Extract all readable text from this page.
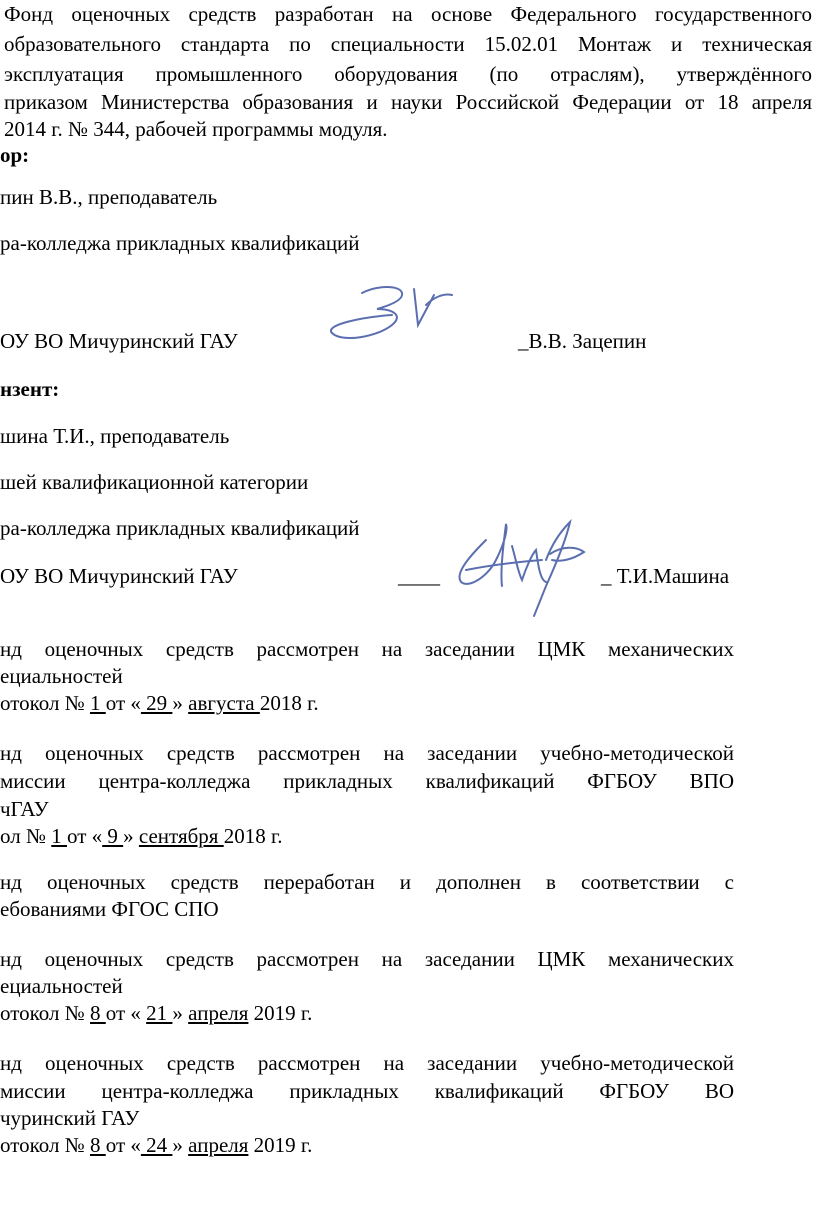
Фонд оценочных средств разработан на основе Федерального государственного
образовательного стандарта по специальности 15.02.01 Монтаж и техническая
эксплуатация промышленного оборудования (по отраслям), утверждённого
приказом Министерства образования и науки Российской Федерации от 18 апреля
2014 г. № 344, рабочей программы модуля.
ор:
пин В.В., преподаватель
ра-колледжа прикладных квалификаций
ОУ ВО Мичуринский ГАУ	_В.В. Зацепин
нзент:
шина Т.И., преподаватель
шей квалификационной категории
ра-колледжа прикладных квалификаций
ОУ ВО Мичуринский ГАУ	____	_ Т.И.Машина
нд оценочных средств рассмотрен на заседании ЦМК механических
ециальностей
отокол № 1 от « 29 » августа 2018 г.
нд оценочных средств рассмотрен на заседании учебно-методической
миссии центра-колледжа прикладных квалификаций ФГБОУ ВПО
чГАУ
ол № 1 от « 9 » сентября 2018 г.
нд оценочных средств переработан и дополнен в соответствии с
ебованиями ФГОС СПО
нд оценочных средств рассмотрен на заседании ЦМК механических
ециальностей
отокол № 8 от « 21 » апреля 2019 г.
нд оценочных средств рассмотрен на заседании учебно-методической
миссии центра-колледжа прикладных квалификаций ФГБОУ ВО
чуринский ГАУ
отокол № 8 от « 24 » апреля 2019 г.
